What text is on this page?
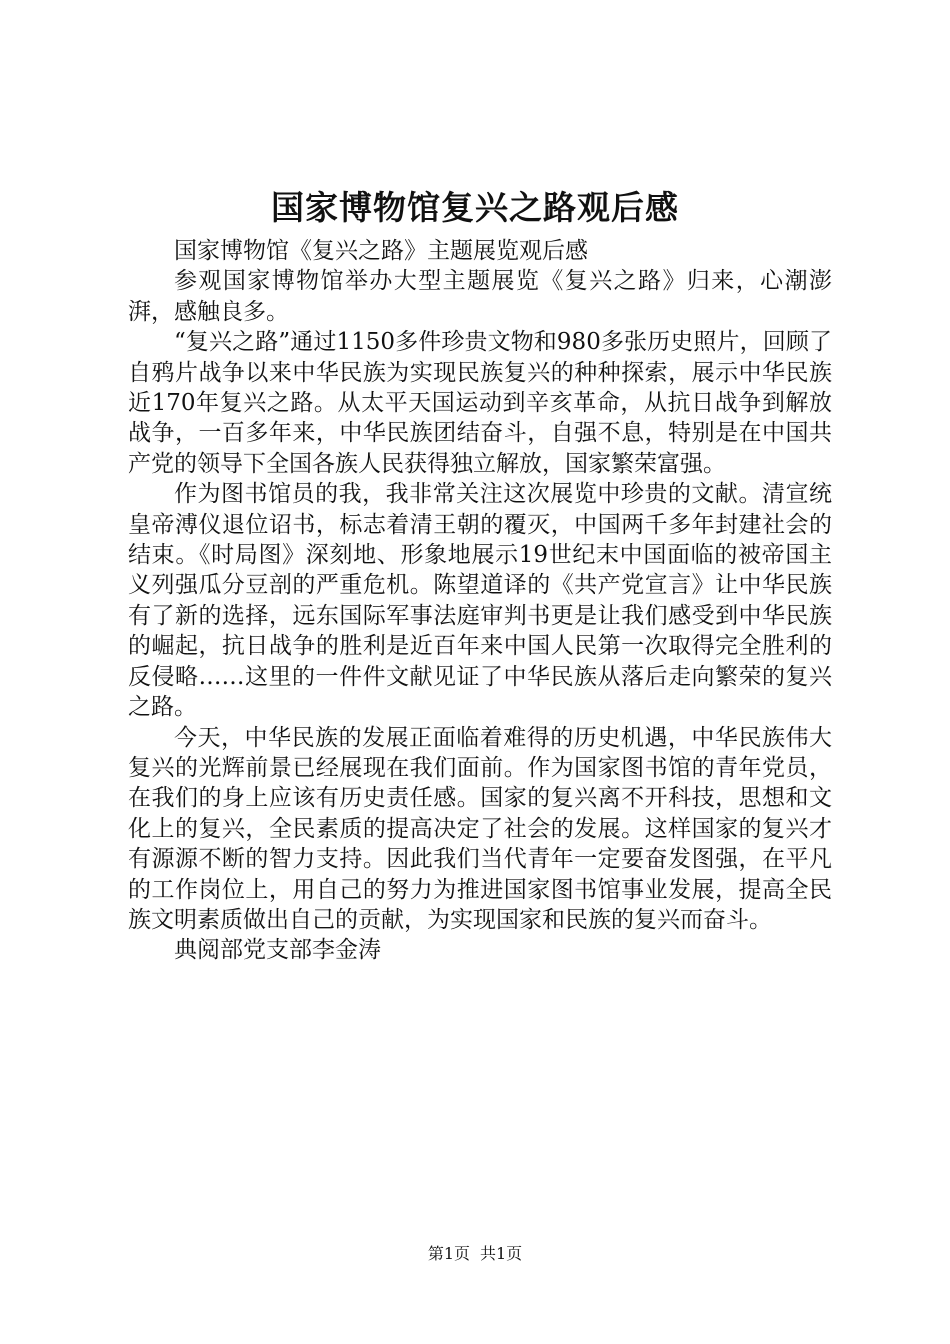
国家博物馆复兴之路观后感

国家博物馆《复兴之路》主题展览观后感

参观国家博物馆举办大型主题展览《复兴之路》归来，心潮澎湃，感触良多。

“复兴之路”通过1150多件珍贵文物和980多张历史照片，回顾了自鸦片战争以来中华民族为实现民族复兴的种种探索，展示中华民族近170年复兴之路。从太平天国运动到辛亥革命，从抗日战争到解放战争，一百多年来，中华民族团结奋斗，自强不息，特别是在中国共产党的领导下全国各族人民获得独立解放，国家繁荣富强。

作为图书馆员的我，我非常关注这次展览中珍贵的文献。清宣统皇帝溥仪退位诏书，标志着清王朝的覆灭，中国两千多年封建社会的结束。《时局图》深刻地、形象地展示19世纪末中国面临的被帝国主义列强瓜分豆剖的严重危机。陈望道译的《共产党宣言》让中华民族有了新的选择，远东国际军事法庭审判书更是让我们感受到中华民族的崛起，抗日战争的胜利是近百年来中国人民第一次取得完全胜利的反侵略……这里的一件件文献见证了中华民族从落后走向繁荣的复兴之路。

今天，中华民族的发展正面临着难得的历史机遇，中华民族伟大复兴的光辉前景已经展现在我们面前。作为国家图书馆的青年党员，在我们的身上应该有历史责任感。国家的复兴离不开科技，思想和文化上的复兴，全民素质的提高决定了社会的发展。这样国家的复兴才有源源不断的智力支持。因此我们当代青年一定要奋发图强，在平凡的工作岗位上，用自己的努力为推进国家图书馆事业发展，提高全民族文明素质做出自己的贡献，为实现国家和民族的复兴而奋斗。

典阅部党支部李金涛

第1页 共1页
